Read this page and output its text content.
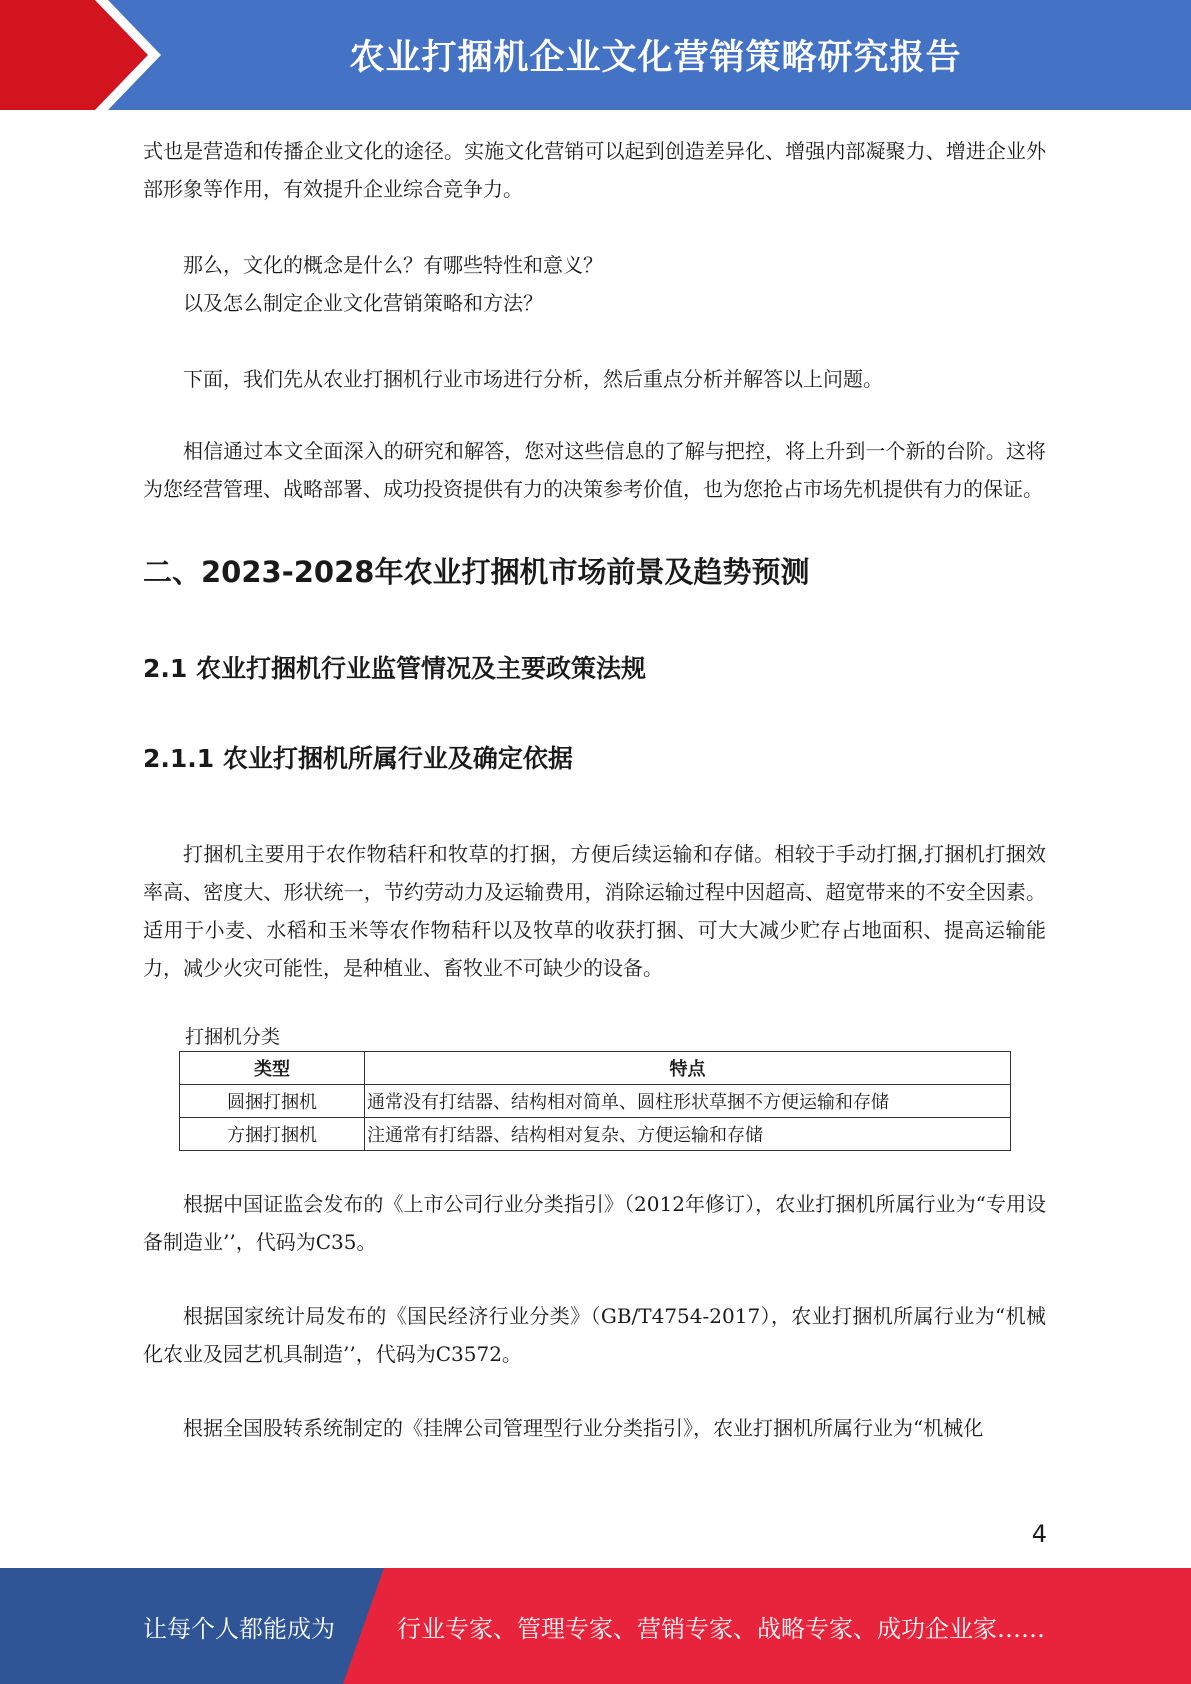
农业打捆机企业文化营销策略研究报告

式也是营造和传播企业文化的途径。实施文化营销可以起到创造差异化、增强内部凝聚力、增进企业外部形象等作用，有效提升企业综合竞争力。

那么，文化的概念是什么？有哪些特性和意义？

以及怎么制定企业文化营销策略和方法？

下面，我们先从农业打捆机行业市场进行分析，然后重点分析并解答以上问题。

相信通过本文全面深入的研究和解答，您对这些信息的了解与把控，将上升到一个新的台阶。这将为您经营管理、战略部署、成功投资提供有力的决策参考价值，也为您抢占市场先机提供有力的保证。

二、2023-2028年农业打捆机市场前景及趋势预测
2.1 农业打捆机行业监管情况及主要政策法规
2.1.1 农业打捆机所属行业及确定依据

打捆机主要用于农作物秸秆和牧草的打捆，方便后续运输和存储。相较于手动打捆,打捆机打捆效率高、密度大、形状统一，节约劳动力及运输费用，消除运输过程中因超高、超宽带来的不安全因素。适用于小麦、水稻和玉米等农作物秸秆以及牧草的收获打捆、可大大减少贮存占地面积、提高运输能力，减少火灾可能性，是种植业、畜牧业不可缺少的设备。

打捆机分类

类型	特点
圆捆打捆机	通常没有打结器、结构相对简单、圆柱形状草捆不方便运输和存储
方捆打捆机	注通常有打结器、结构相对复杂、方便运输和存储

根据中国证监会发布的《上市公司行业分类指引》（2012年修订），农业打捆机所属行业为“专用设备制造业’’，代码为C35。

根据国家统计局发布的《国民经济行业分类》（GB/T4754-2017），农业打捆机所属行业为“机械化农业及园艺机具制造’’，代码为C3572。

根据全国股转系统制定的《挂牌公司管理型行业分类指引》，农业打捆机所属行业为“机械化

4
让每个人都能成为	行业专家、管理专家、营销专家、战略专家、成功企业家……
